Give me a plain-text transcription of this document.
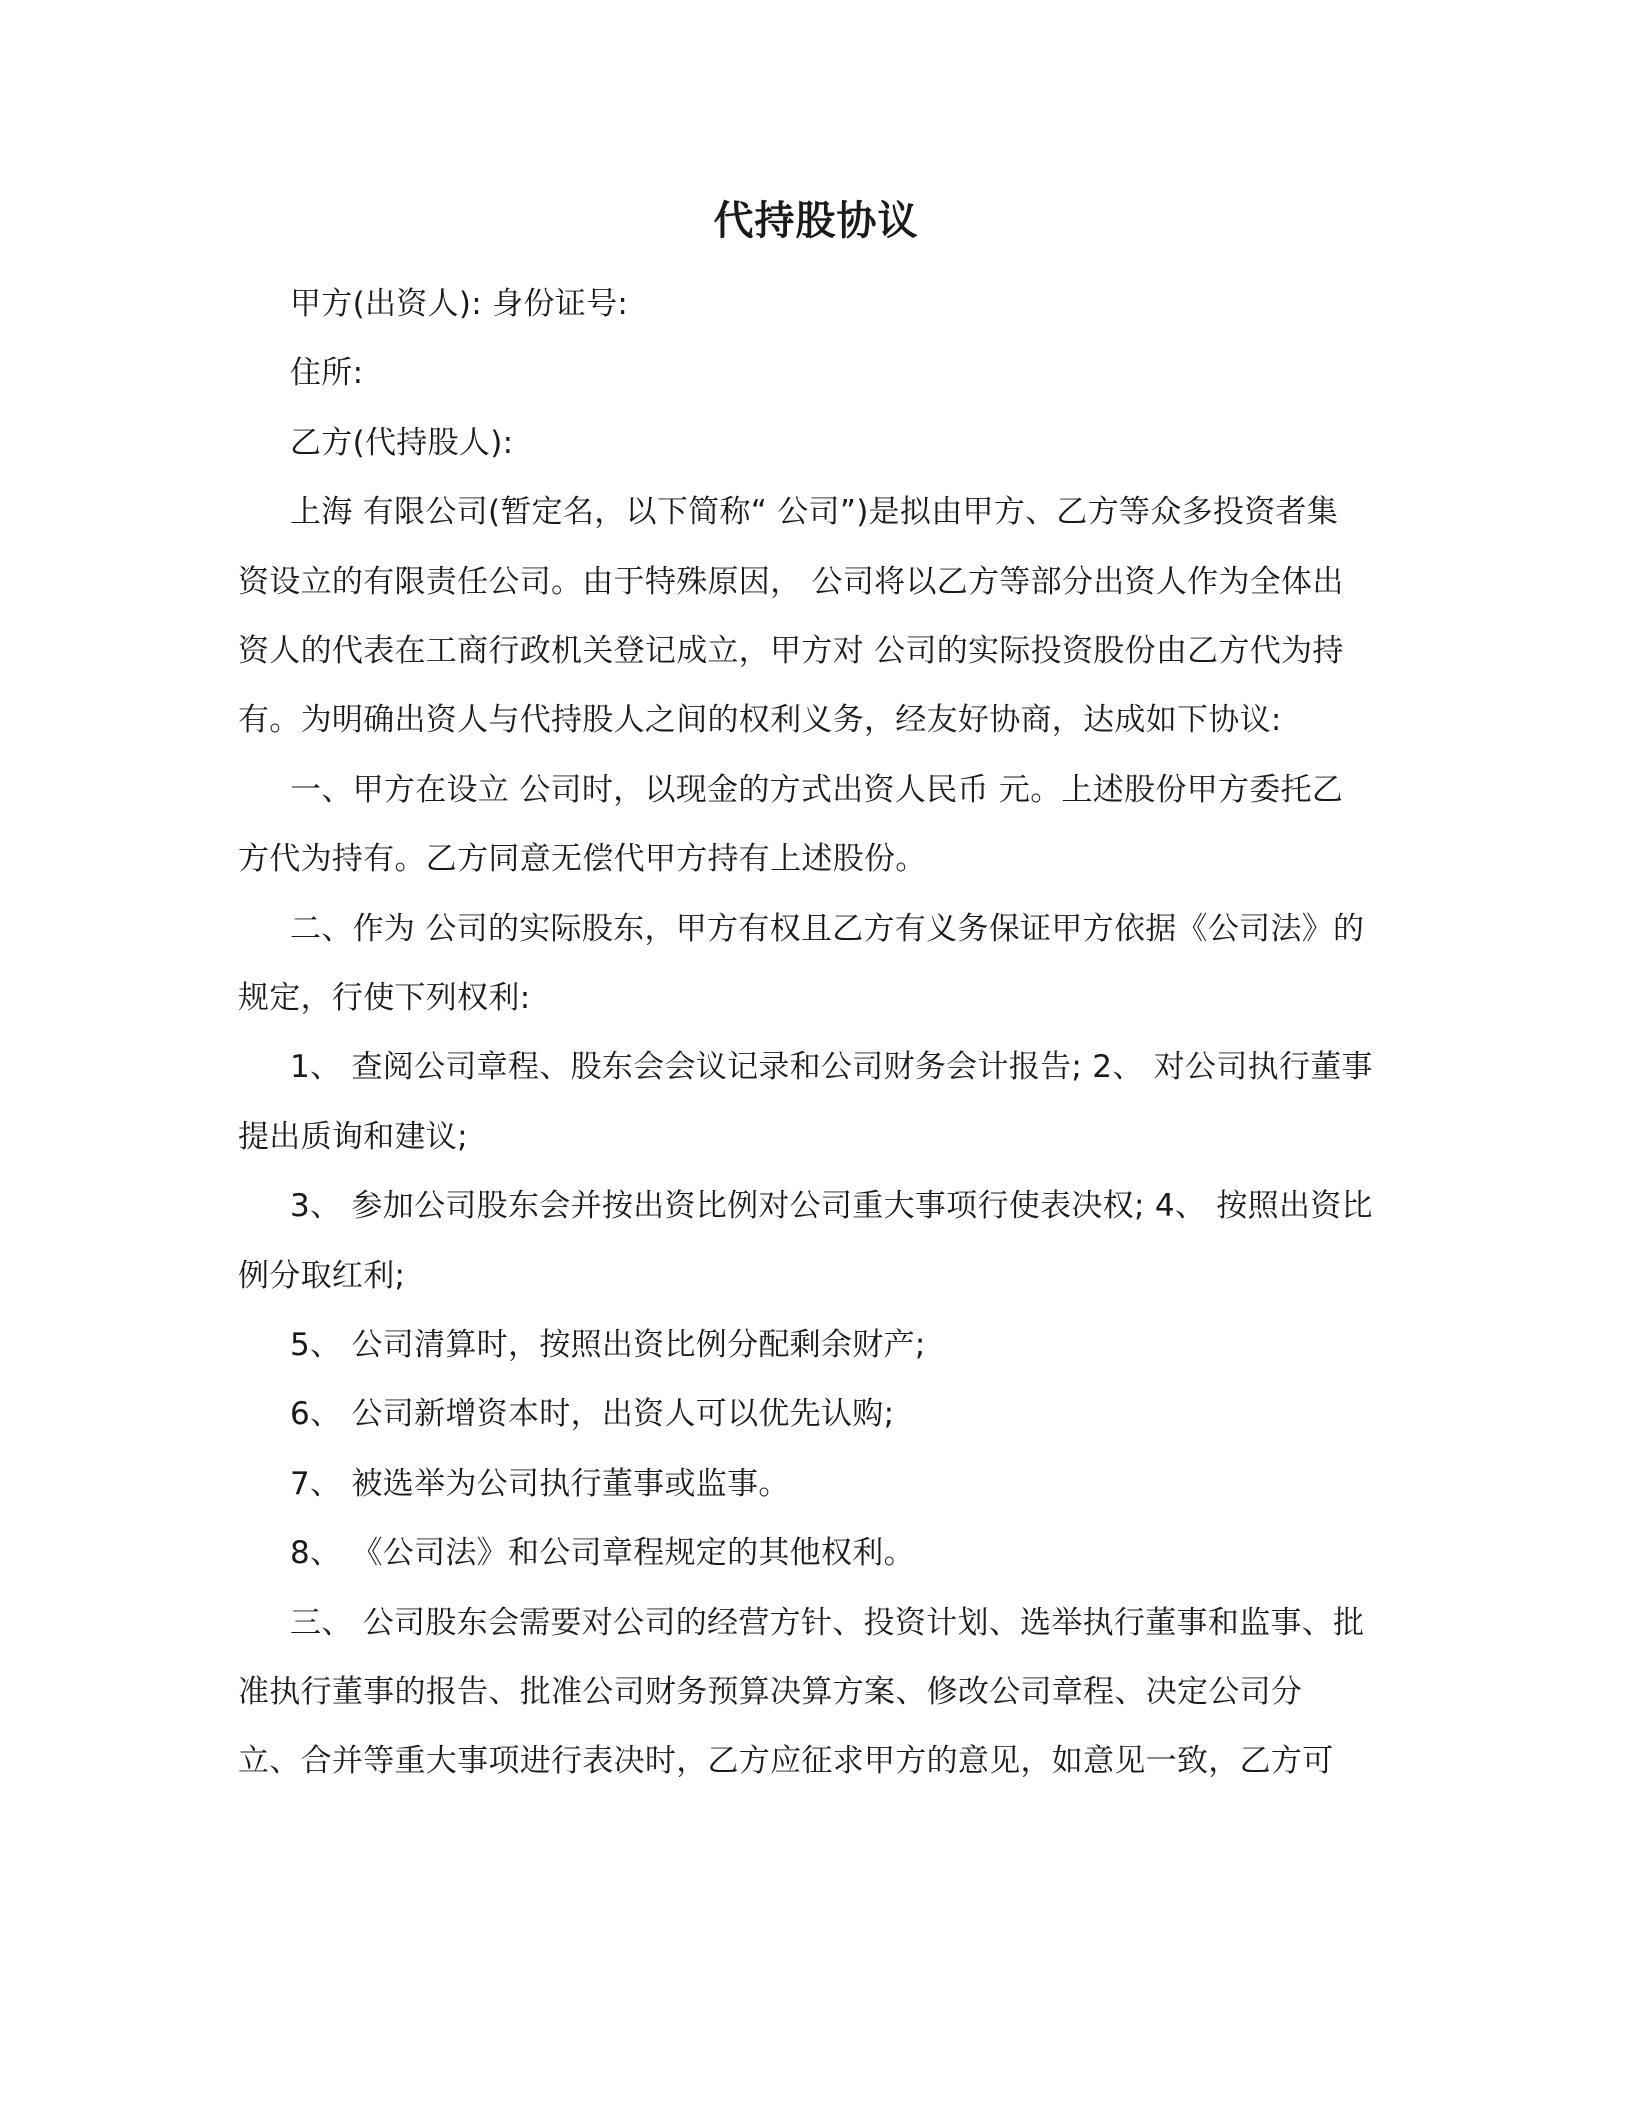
代持股协议

甲方(出资人): 身份证号:

住所:

乙方(代持股人):

上海 有限公司(暂定名，以下简称“ 公司”)是拟由甲方、乙方等众多投资者集

资设立的有限责任公司。由于特殊原因， 公司将以乙方等部分出资人作为全体出

资人的代表在工商行政机关登记成立，甲方对 公司的实际投资股份由乙方代为持

有。为明确出资人与代持股人之间的权利义务，经友好协商，达成如下协议:

一、甲方在设立 公司时，以现金的方式出资人民币 元。上述股份甲方委托乙

方代为持有。乙方同意无偿代甲方持有上述股份。

二、作为 公司的实际股东，甲方有权且乙方有义务保证甲方依据《公司法》的

规定，行使下列权利:

1、 查阅公司章程、股东会会议记录和公司财务会计报告; 2、 对公司执行董事

提出质询和建议;

3、 参加公司股东会并按出资比例对公司重大事项行使表决权; 4、 按照出资比

例分取红利;

5、 公司清算时，按照出资比例分配剩余财产;

6、 公司新增资本时，出资人可以优先认购;

7、 被选举为公司执行董事或监事。

8、 《公司法》和公司章程规定的其他权利。

三、 公司股东会需要对公司的经营方针、投资计划、选举执行董事和监事、批

准执行董事的报告、批准公司财务预算决算方案、修改公司章程、决定公司分

立、合并等重大事项进行表决时，乙方应征求甲方的意见，如意见一致，乙方可
